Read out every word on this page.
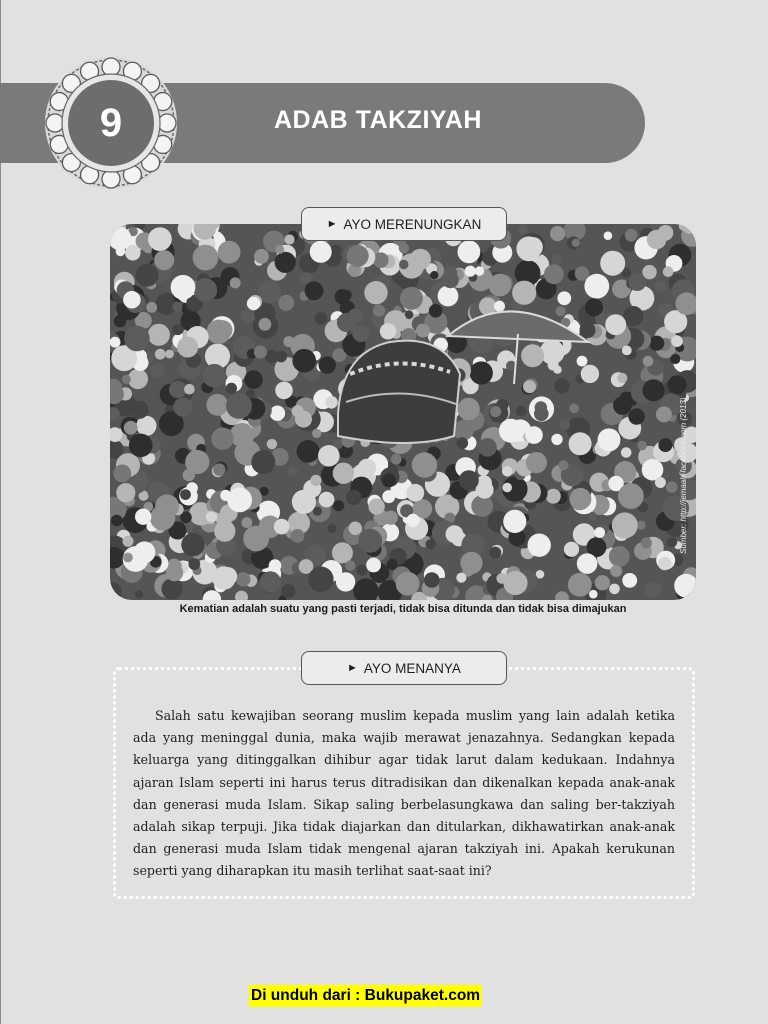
9	ADAB TAKZIYAH
Sumber: http://jemaah-facebook.com (2013)
► AYO MERENUNGKAN
Kematian adalah suatu yang pasti terjadi, tidak bisa ditunda dan tidak bisa dimajukan
► AYO MENANYA
Salah satu kewajiban seorang muslim kepada muslim yang lain adalah ketika ada yang meninggal dunia, maka wajib merawat jenazahnya. Sedangkan kepada keluarga yang ditinggalkan dihibur agar tidak larut dalam kedukaan. Indahnya ajaran Islam seperti ini harus terus ditradisikan dan dikenalkan kepada anak-anak dan generasi muda Islam. Sikap saling berbelasungkawa dan saling ber-takziyah adalah sikap terpuji. Jika tidak diajarkan dan ditularkan, dikhawatirkan anak-anak dan generasi muda Islam tidak mengenal ajaran takziyah ini. Apakah kerukunan seperti yang diharapkan itu masih terlihat saat-saat ini?
Di unduh dari : Bukupaket.com
